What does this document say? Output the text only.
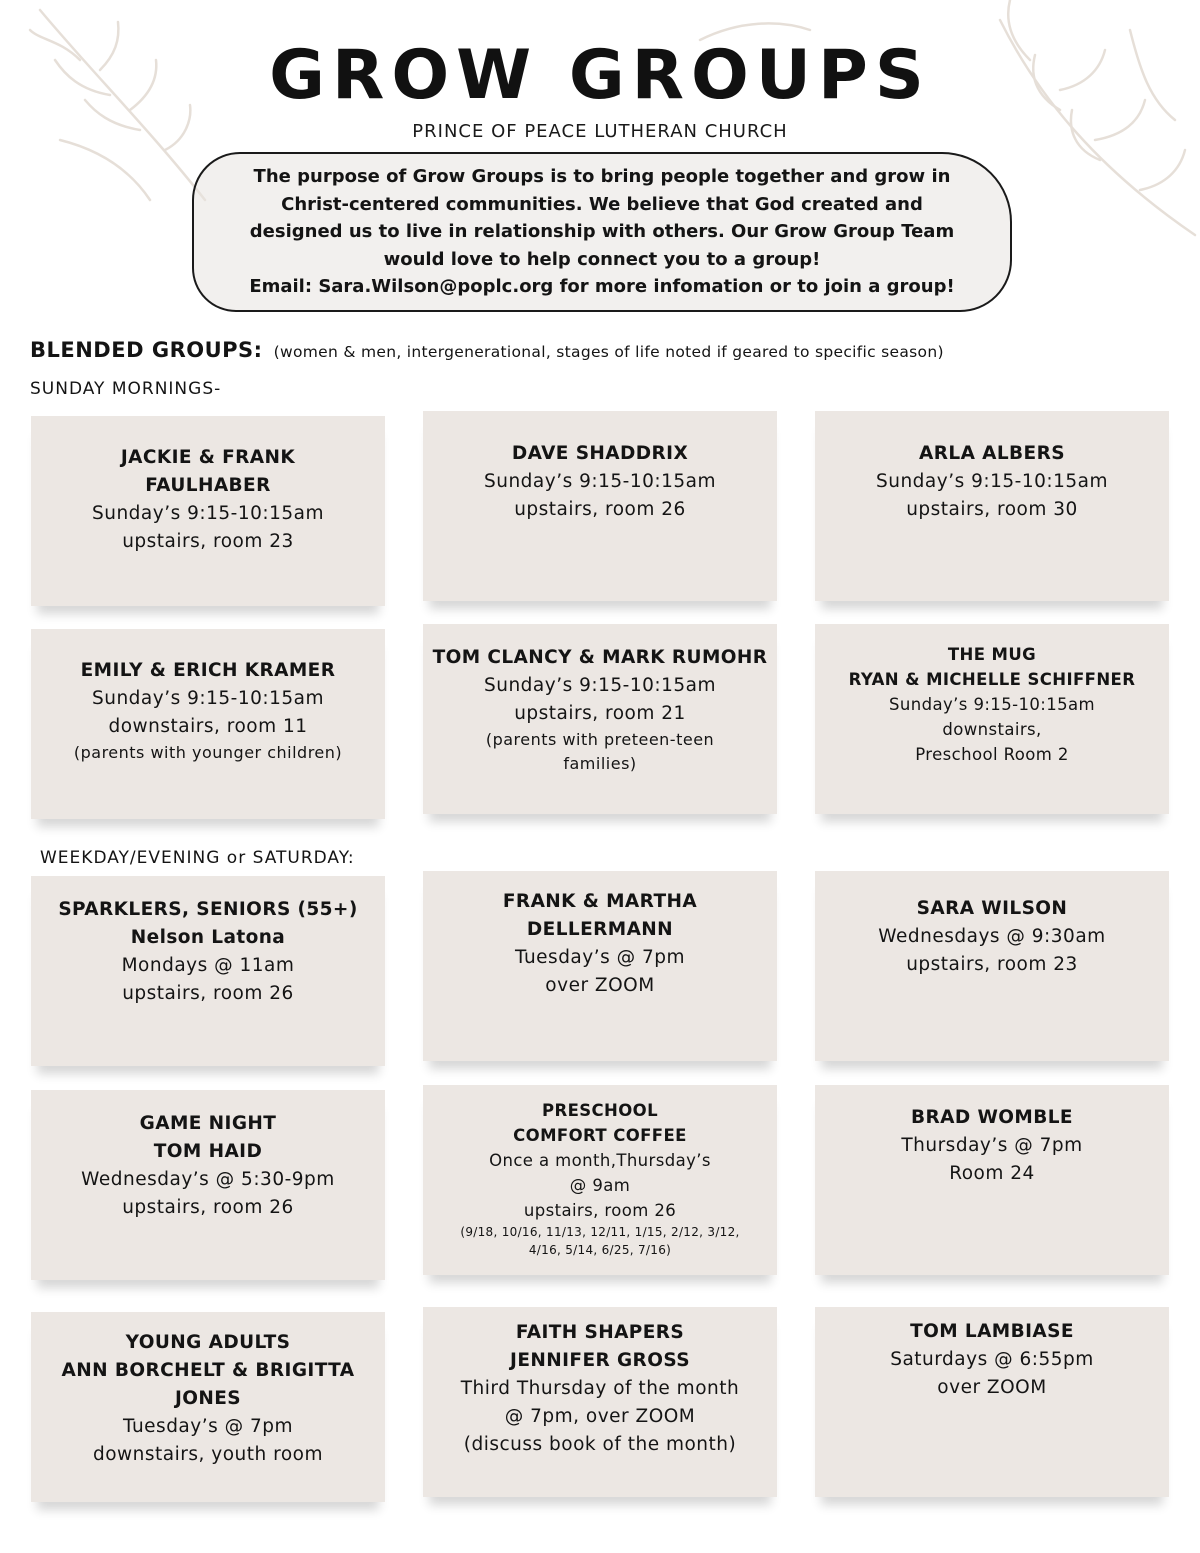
GROW GROUPS
PRINCE OF PEACE LUTHERAN CHURCH
The purpose of Grow Groups is to bring people together and grow in
Christ-centered communities. We believe that God created and
designed us to live in relationship with others. Our Grow Group Team
would love to help connect you to a group!
Email: Sara.Wilson@poplc.org for more infomation or to join a group!
BLENDED GROUPS: (women & men, intergenerational, stages of life noted if geared to specific season)
SUNDAY MORNINGS-
WEEKDAY/EVENING or SATURDAY:
JACKIE & FRANK
FAULHABER
Sunday’s 9:15-10:15am
upstairs, room 23
DAVE SHADDRIX
Sunday’s 9:15-10:15am
upstairs, room 26
ARLA ALBERS
Sunday’s 9:15-10:15am
upstairs, room 30
EMILY & ERICH KRAMER
Sunday’s 9:15-10:15am
downstairs, room 11
(parents with younger children)
TOM CLANCY & MARK RUMOHR
Sunday’s 9:15-10:15am
upstairs, room 21
(parents with preteen-teen
families)
THE MUG
RYAN & MICHELLE SCHIFFNER
Sunday’s 9:15-10:15am
downstairs,
Preschool Room 2
SPARKLERS, SENIORS (55+)
Nelson Latona
Mondays @ 11am
upstairs, room 26
FRANK & MARTHA
DELLERMANN
Tuesday’s @ 7pm
over ZOOM
SARA WILSON
Wednesdays @ 9:30am
upstairs, room 23
GAME NIGHT
TOM HAID
Wednesday’s @ 5:30-9pm
upstairs, room 26
PRESCHOOL
COMFORT COFFEE
Once a month,Thursday’s
@ 9am
upstairs, room 26
(9/18, 10/16, 11/13, 12/11, 1/15, 2/12, 3/12,
4/16, 5/14, 6/25, 7/16)
BRAD WOMBLE
Thursday’s @ 7pm
Room 24
YOUNG ADULTS
ANN BORCHELT & BRIGITTA
JONES
Tuesday’s @ 7pm
downstairs, youth room
FAITH SHAPERS
JENNIFER GROSS
Third Thursday of the month
@ 7pm, over ZOOM
(discuss book of the month)
TOM LAMBIASE
Saturdays @ 6:55pm
over ZOOM
